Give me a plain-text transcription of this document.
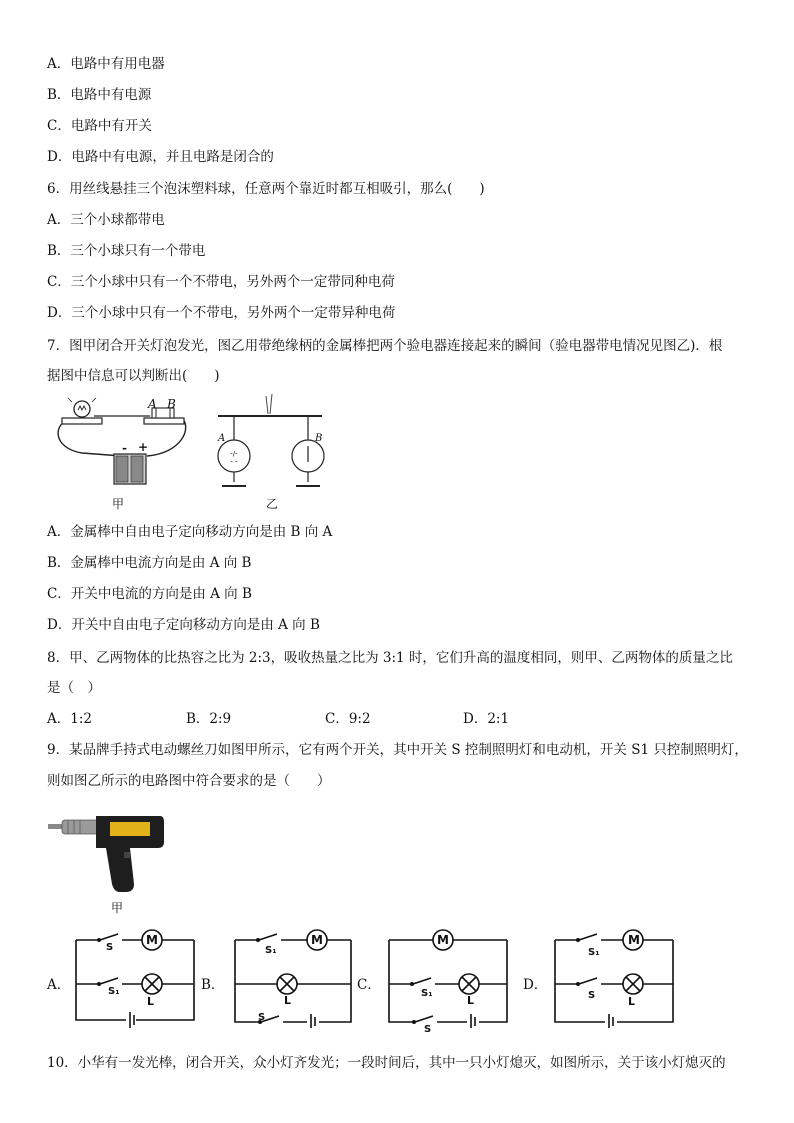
A．电路中有用电器
B．电路中有电源
C．电路中有开关
D．电路中有电源，并且电路是闭合的
6．用丝线悬挂三个泡沫塑料球，任意两个靠近时都互相吸引，那么(　　)
A．三个小球都带电
B．三个小球只有一个带电
C．三个小球中只有一个不带电，另外两个一定带同种电荷
D．三个小球中只有一个不带电，另外两个一定带异种电荷
7．图甲闭合开关灯泡发光，图乙用带绝缘柄的金属棒把两个验电器连接起来的瞬间（验电器带电情况见图乙)．根
据图中信息可以判断出(　　)
A B
- +
甲
-∕-
- -
A	B
乙
A．金属棒中自由电子定向移动方向是由 B 向 A
B．金属棒中电流方向是由 A 向 B
C．开关中电流的方向是由 A 向 B
D．开关中自由电子定向移动方向是由 A 向 B
8．甲、乙两物体的比热容之比为 2:3，吸收热量之比为 3:1 时，它们升高的温度相同，则甲、乙两物体的质量之比
是（　）
A．1:2	B．2:9	C．9:2	D．2:1
9．某品牌手持式电动螺丝刀如图甲所示，它有两个开关，其中开关 S 控制照明灯和电动机，开关 S1 只控制照明灯，
则如图乙所示的电路图中符合要求的是（　　）
甲
A．	B．	C．	D．
M
S
S₁
L
M
S₁
L
S
M
S₁
L
S
S₁
M
S	L
10．小华有一发光棒，闭合开关，众小灯齐发光；一段时间后，其中一只小灯熄灭，如图所示，关于该小灯熄灭的
